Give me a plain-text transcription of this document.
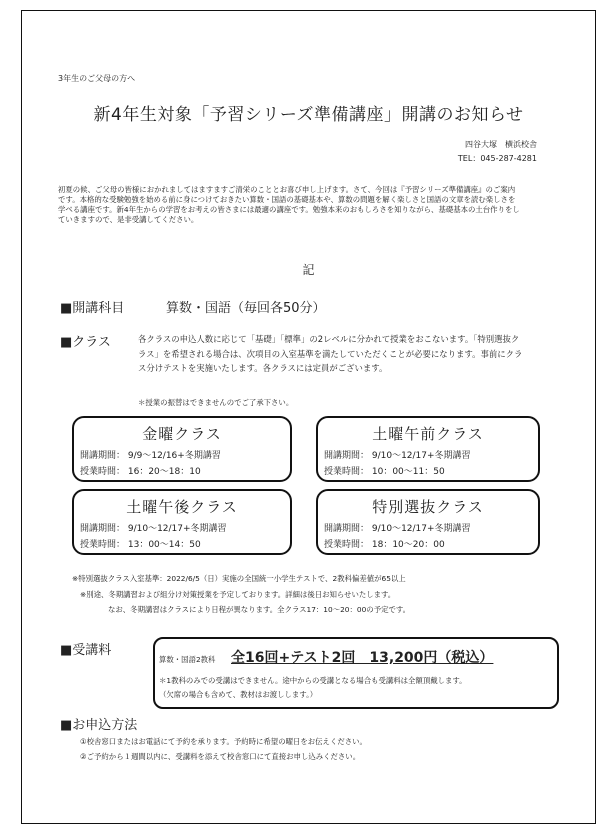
3年生のご父母の方へ
新4年生対象「予習シリーズ準備講座」開講のお知らせ
四谷大塚　横浜校舎
TEL：045-287-4281
初夏の候、ご父母の皆様におかれましてはますますご清栄のこととお喜び申し上げます。さて、今回は『予習シリーズ準備講座』のご案内です。本格的な受験勉強を始める前に身につけておきたい算数・国語の基礎基本や、算数の問題を解く楽しさと国語の文章を読む楽しさを学べる講座です。新4年生からの学習をお考えの皆さまには最適の講座です。勉強本来のおもしろさを知りながら、基礎基本の土台作りをしていきますので、是非受講してください。
記
■開講科目	算数・国語（毎回各50分）
■クラス	各クラスの申込人数に応じて「基礎」「標準」の2レベルに分かれて授業をおこないます。「特別選抜クラス」を希望される場合は、次項目の入室基準を満たしていただくことが必要になります。事前にクラス分けテストを実施いたします。各クラスには定員がございます。
＊授業の振替はできませんのでご了承下さい。
金曜クラス
開講期間： 9/9〜12/16+冬期講習
授業時間： 16：20〜18：10
土曜午前クラス
開講期間： 9/10〜12/17+冬期講習
授業時間： 10：00〜11：50
土曜午後クラス
開講期間： 9/10〜12/17+冬期講習
授業時間： 13：00〜14：50
特別選抜クラス
開講期間： 9/10〜12/17+冬期講習
授業時間： 18：10〜20：00
※特別選抜クラス入室基準：2022/6/5（日）実施の全国統一小学生テストで、2教科偏差値が65以上
※別途、冬期講習および組分け対策授業を予定しております。詳細は後日お知らせいたします。
なお、冬期講習はクラスにより日程が異なります。全クラス17：10〜20：00の予定です。
■受講料
算数・国語2教科 全16回+テスト2回　13,200円（税込）
＊1教科のみでの受講はできません。途中からの受講となる場合も受講料は全額頂戴します。
（欠席の場合も含めて、教材はお渡しします。）
■お申込方法
①校舎窓口またはお電話にて予約を承ります。予約時に希望の曜日をお伝えください。
②ご予約から１週間以内に、受講料を添えて校舎窓口にて直接お申し込みください。
